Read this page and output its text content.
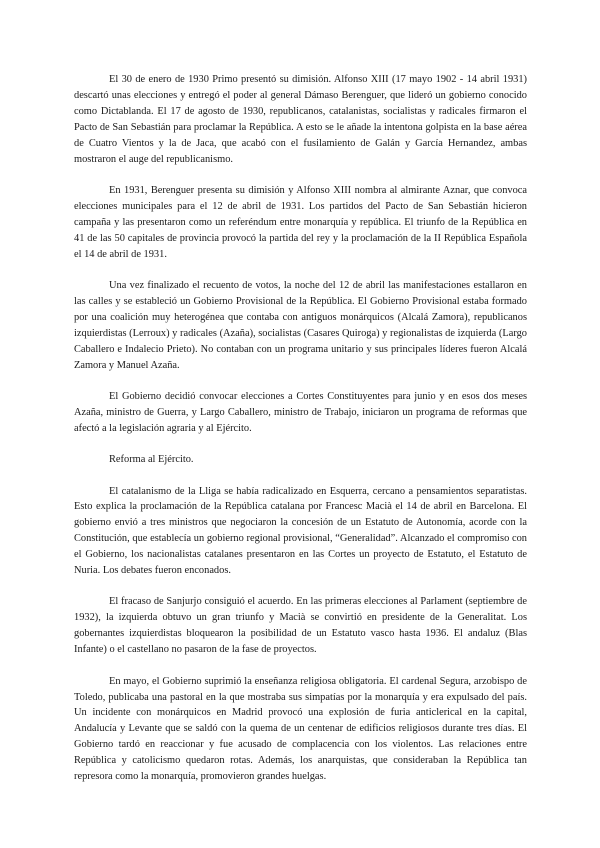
El 30 de enero de 1930 Primo presentó su dimisión. Alfonso XIII (17 mayo 1902 - 14 abril 1931) descartó unas elecciones y entregó el poder al general Dámaso Berenguer, que lideró un gobierno conocido como Dictablanda. El 17 de agosto de 1930, republicanos, catalanistas, socialistas y radicales firmaron el Pacto de San Sebastián para proclamar la República. A esto se le añade la intentona golpista en la base aérea de Cuatro Vientos y la de Jaca, que acabó con el fusilamiento de Galán y García Hernandez, ambas mostraron el auge del republicanismo.

En 1931, Berenguer presenta su dimisión y Alfonso XIII nombra al almirante Aznar, que convoca elecciones municipales para el 12 de abril de 1931. Los partidos del Pacto de San Sebastián hicieron campaña y las presentaron como un referéndum entre monarquía y república. El triunfo de la República en 41 de las 50 capitales de provincia provocó la partida del rey y la proclamación de la II República Española el 14 de abril de 1931.

Una vez finalizado el recuento de votos, la noche del 12 de abril las manifestaciones estallaron en las calles y se estableció un Gobierno Provisional de la República. El Gobierno Provisional estaba formado por una coalición muy heterogénea que contaba con antiguos monárquicos (Alcalá Zamora), republicanos izquierdistas (Lerroux) y radicales (Azaña), socialistas (Casares Quiroga) y regionalistas de izquierda (Largo Caballero e Indalecio Prieto). No contaban con un programa unitario y sus principales líderes fueron Alcalá Zamora y Manuel Azaña.

El Gobierno decidió convocar elecciones a Cortes Constituyentes para junio y en esos dos meses Azaña, ministro de Guerra, y Largo Caballero, ministro de Trabajo, iniciaron un programa de reformas que afectó a la legislación agraria y al Ejército.

Reforma al Ejército.

El catalanismo de la Lliga se había radicalizado en Esquerra, cercano a pensamientos separatistas. Esto explica la proclamación de la República catalana por Francesc Macià el 14 de abril en Barcelona. El gobierno envió a tres ministros que negociaron la concesión de un Estatuto de Autonomía, acorde con la Constitución, que establecía un gobierno regional provisional, “Generalidad”. Alcanzado el compromiso con el Gobierno, los nacionalistas catalanes presentaron en las Cortes un proyecto de Estatuto, el Estatuto de Nuria. Los debates fueron enconados.

El fracaso de Sanjurjo consiguió el acuerdo. En las primeras elecciones al Parlament (septiembre de 1932), la izquierda obtuvo un gran triunfo y Macià se convirtió en presidente de la Generalitat. Los gobernantes izquierdistas bloquearon la posibilidad de un Estatuto vasco hasta 1936. El andaluz (Blas Infante) o el castellano no pasaron de la fase de proyectos.

En mayo, el Gobierno suprimió la enseñanza religiosa obligatoria. El cardenal Segura, arzobispo de Toledo, publicaba una pastoral en la que mostraba sus simpatías por la monarquía y era expulsado del país. Un incidente con monárquicos en Madrid provocó una explosión de furia anticlerical en la capital, Andalucía y Levante que se saldó con la quema de un centenar de edificios religiosos durante tres días. El Gobierno tardó en reaccionar y fue acusado de complacencia con los violentos. Las relaciones entre República y catolicismo quedaron rotas. Además, los anarquistas, que consideraban la República tan represora como la monarquía, promovieron grandes huelgas.
